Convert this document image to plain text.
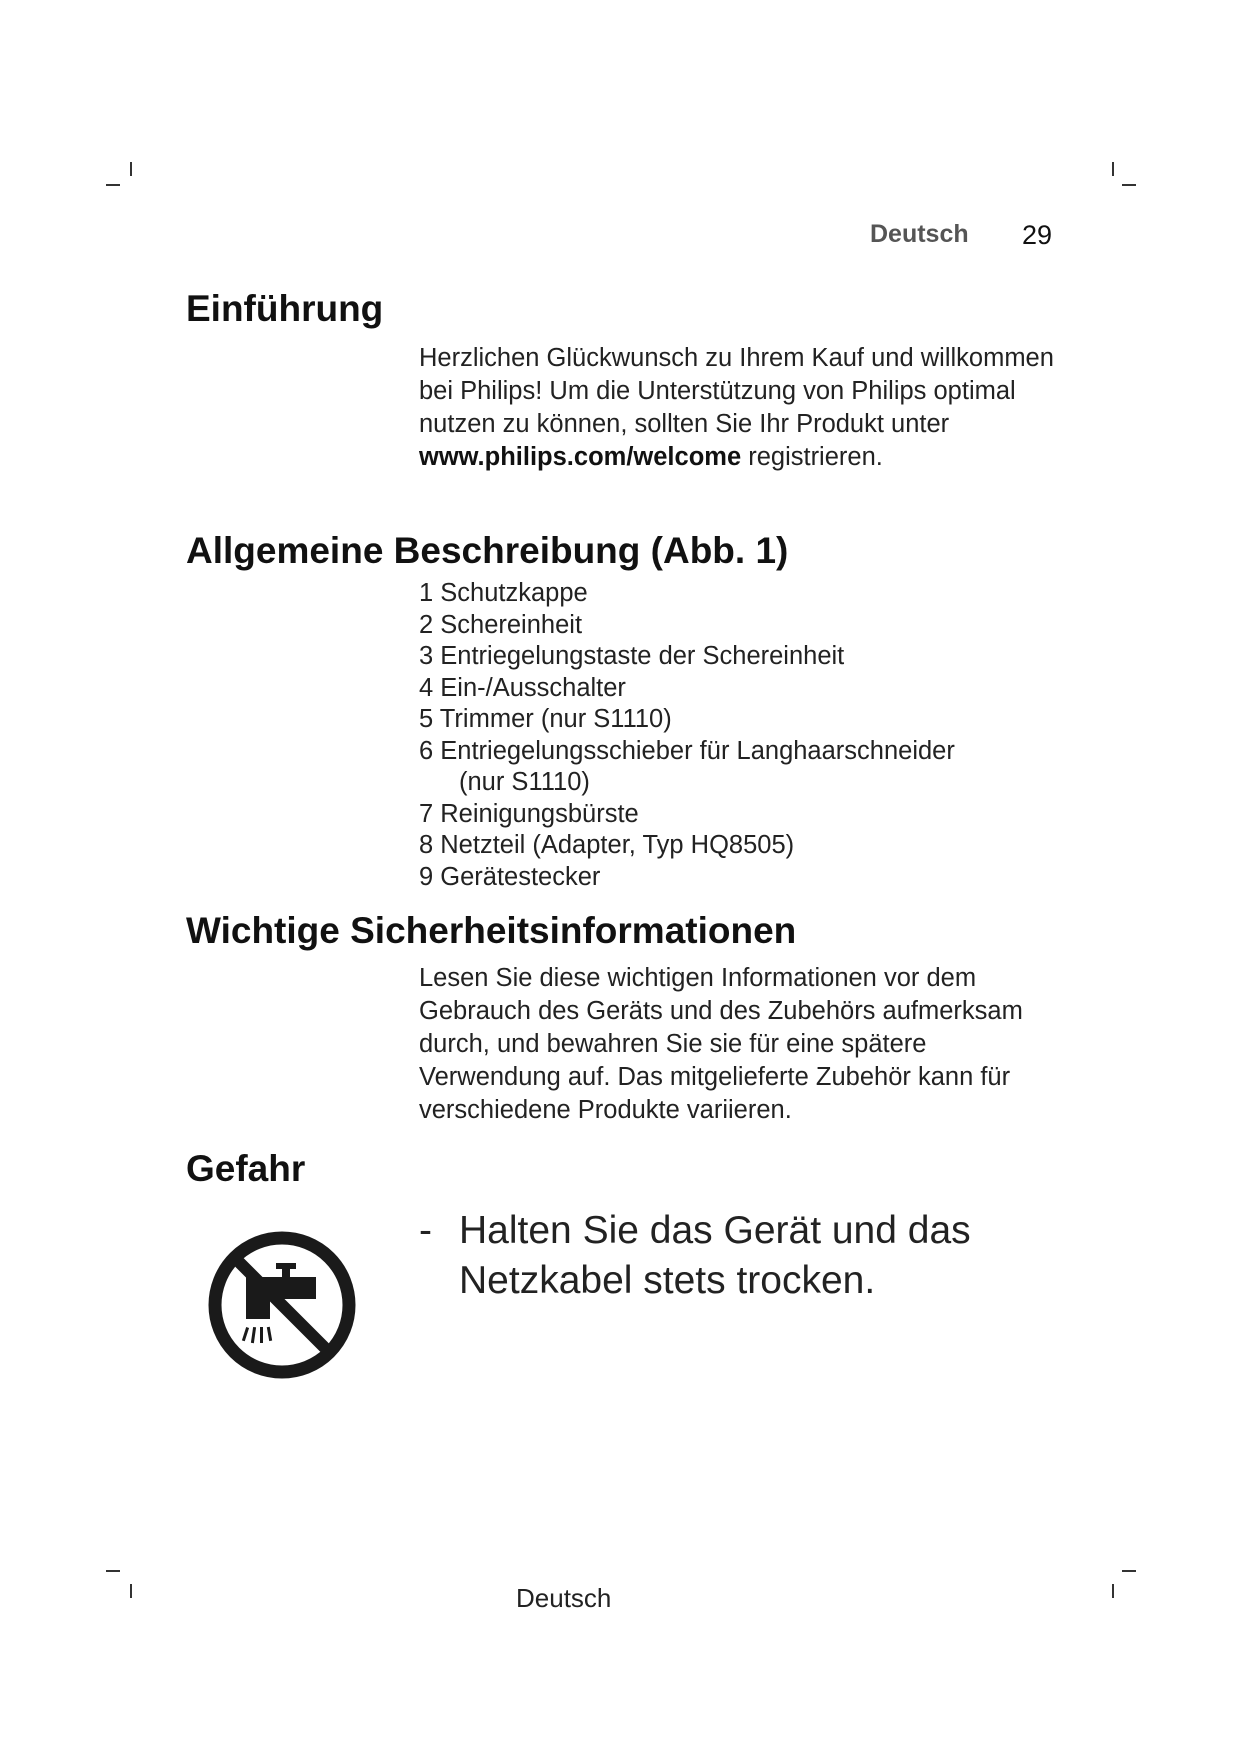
Deutsch 29
Einführung
Herzlichen Glückwunsch zu Ihrem Kauf und willkommen bei Philips! Um die Unterstützung von Philips optimal nutzen zu können, sollten Sie Ihr Produkt unter www.philips.com/welcome registrieren.
Allgemeine Beschreibung (Abb. 1)
1 Schutzkappe
2 Schereinheit
3 Entriegelungstaste der Schereinheit
4 Ein-/Ausschalter
5 Trimmer (nur S1110)
6 Entriegelungsschieber für Langhaarschneider
(nur S1110)
7 Reinigungsbürste
8 Netzteil (Adapter, Typ HQ8505)
9 Gerätestecker
Wichtige Sicherheitsinformationen
Lesen Sie diese wichtigen Informationen vor dem Gebrauch des Geräts und des Zubehörs aufmerksam durch, und bewahren Sie sie für eine spätere Verwendung auf. Das mitgelieferte Zubehör kann für verschiedene Produkte variieren.
Gefahr
- Halten Sie das Gerät und das Netzkabel stets trocken.
Deutsch
